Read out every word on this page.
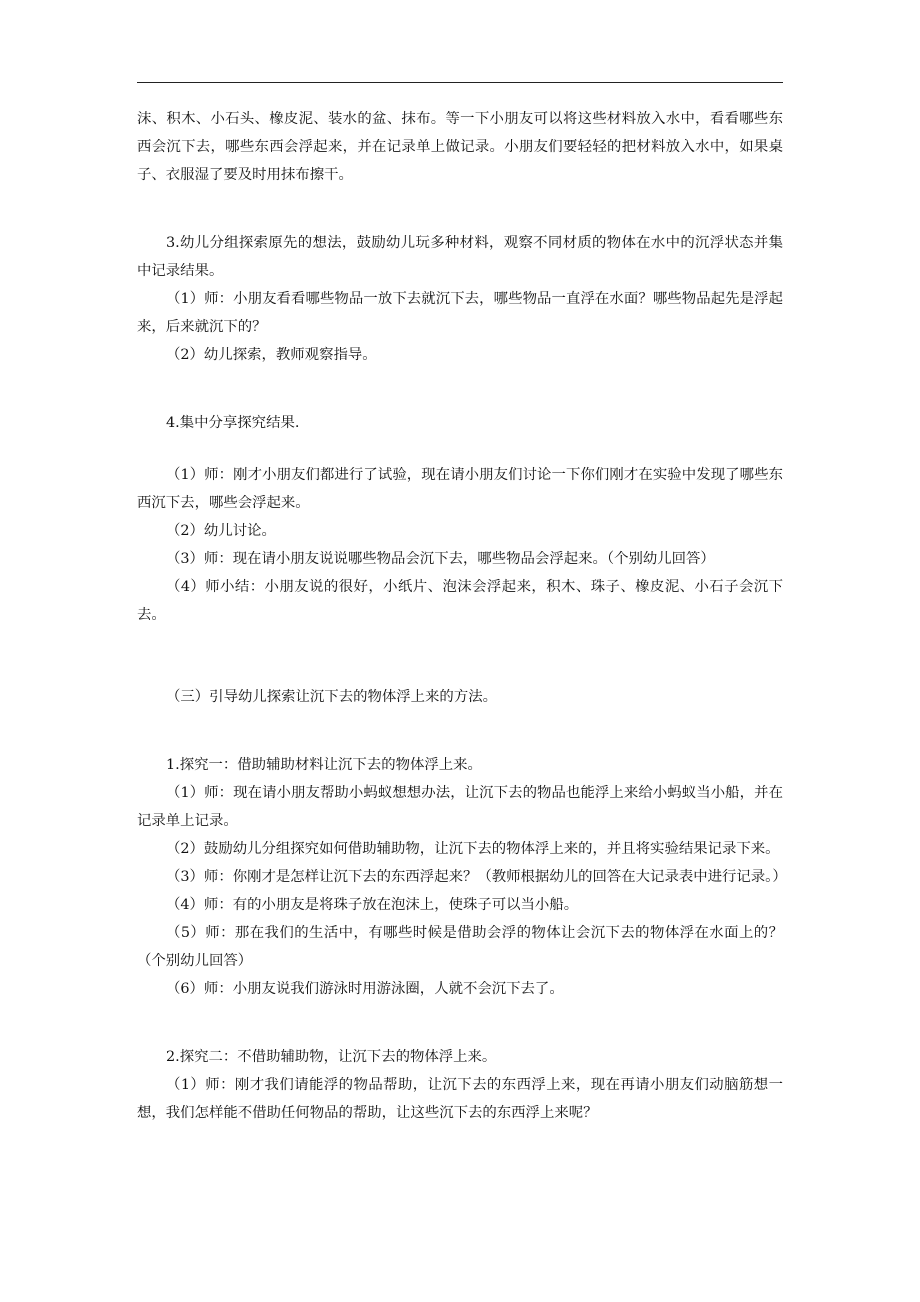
沫、积木、小石头、橡皮泥、装水的盆、抹布。等一下小朋友可以将这些材料放入水中，看看哪些东西会沉下去，哪些东西会浮起来，并在记录单上做记录。小朋友们要轻轻的把材料放入水中，如果桌子、衣服湿了要及时用抹布擦干。

3.幼儿分组探索原先的想法，鼓励幼儿玩多种材料，观察不同材质的物体在水中的沉浮状态并集中记录结果。

（1）师：小朋友看看哪些物品一放下去就沉下去，哪些物品一直浮在水面？哪些物品起先是浮起来，后来就沉下的？

（2）幼儿探索，教师观察指导。

4.集中分享探究结果.

（1）师：刚才小朋友们都进行了试验，现在请小朋友们讨论一下你们刚才在实验中发现了哪些东西沉下去，哪些会浮起来。

（2）幼儿讨论。

（3）师：现在请小朋友说说哪些物品会沉下去，哪些物品会浮起来。（个别幼儿回答）

（4）师小结：小朋友说的很好，小纸片、泡沫会浮起来，积木、珠子、橡皮泥、小石子会沉下去。

（三）引导幼儿探索让沉下去的物体浮上来的方法。

1.探究一：借助辅助材料让沉下去的物体浮上来。

（1）师：现在请小朋友帮助小蚂蚁想想办法，让沉下去的物品也能浮上来给小蚂蚁当小船，并在记录单上记录。

（2）鼓励幼儿分组探究如何借助辅助物，让沉下去的物体浮上来的，并且将实验结果记录下来。

（3）师：你刚才是怎样让沉下去的东西浮起来？（教师根据幼儿的回答在大记录表中进行记录。）

（4）师：有的小朋友是将珠子放在泡沫上，使珠子可以当小船。

（5）师：那在我们的生活中，有哪些时候是借助会浮的物体让会沉下去的物体浮在水面上的？（个别幼儿回答）

（6）师：小朋友说我们游泳时用游泳圈，人就不会沉下去了。

2.探究二：不借助辅助物，让沉下去的物体浮上来。

（1）师：刚才我们请能浮的物品帮助，让沉下去的东西浮上来，现在再请小朋友们动脑筋想一想，我们怎样能不借助任何物品的帮助，让这些沉下去的东西浮上来呢？
